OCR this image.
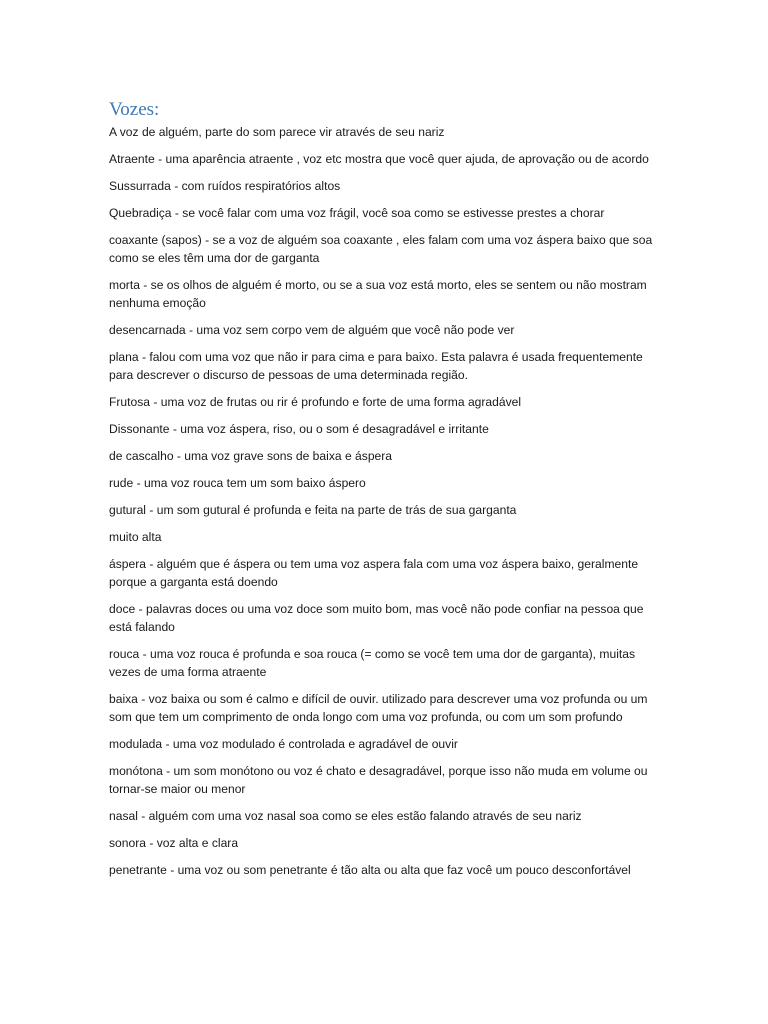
Vozes:

A voz de alguém, parte do som parece vir através de seu nariz

Atraente - uma aparência atraente , voz etc mostra que você quer ajuda, de aprovação ou de acordo

Sussurrada - com ruídos respiratórios altos

Quebradiça - se você falar com uma voz frágil, você soa como se estivesse prestes a chorar

coaxante (sapos) - se a voz de alguém soa coaxante , eles falam com uma voz áspera baixo que soa como se eles têm uma dor de garganta

morta - se os olhos de alguém é morto, ou se a sua voz está morto, eles se sentem ou não mostram nenhuma emoção

desencarnada - uma voz sem corpo vem de alguém que você não pode ver

plana - falou com uma voz que não ir para cima e para baixo. Esta palavra é usada frequentemente para descrever o discurso de pessoas de uma determinada região.

Frutosa - uma voz de frutas ou rir é profundo e forte de uma forma agradável

Dissonante - uma voz áspera, riso, ou o som é desagradável e irritante

de cascalho - uma voz grave sons de baixa e áspera

rude - uma voz rouca tem um som baixo áspero

gutural - um som gutural é profunda e feita na parte de trás de sua garganta

muito alta

áspera - alguém que é áspera ou tem uma voz aspera fala com uma voz áspera baixo, geralmente porque a garganta está doendo

doce - palavras doces ou uma voz doce som muito bom, mas você não pode confiar na pessoa que está falando

rouca - uma voz rouca é profunda e soa rouca (= como se você tem uma dor de garganta), muitas vezes de uma forma atraente

baixa - voz baixa ou som é calmo e difícil de ouvir. utilizado para descrever uma voz profunda ou um som que tem um comprimento de onda longo com uma voz profunda, ou com um som profundo

modulada - uma voz modulado é controlada e agradável de ouvir

monótona - um som monótono ou voz é chato e desagradável, porque isso não muda em volume ou tornar-se maior ou menor

nasal - alguém com uma voz nasal soa como se eles estão falando através de seu nariz

sonora - voz alta e clara

penetrante - uma voz ou som penetrante é tão alta ou alta que faz você um pouco desconfortável
